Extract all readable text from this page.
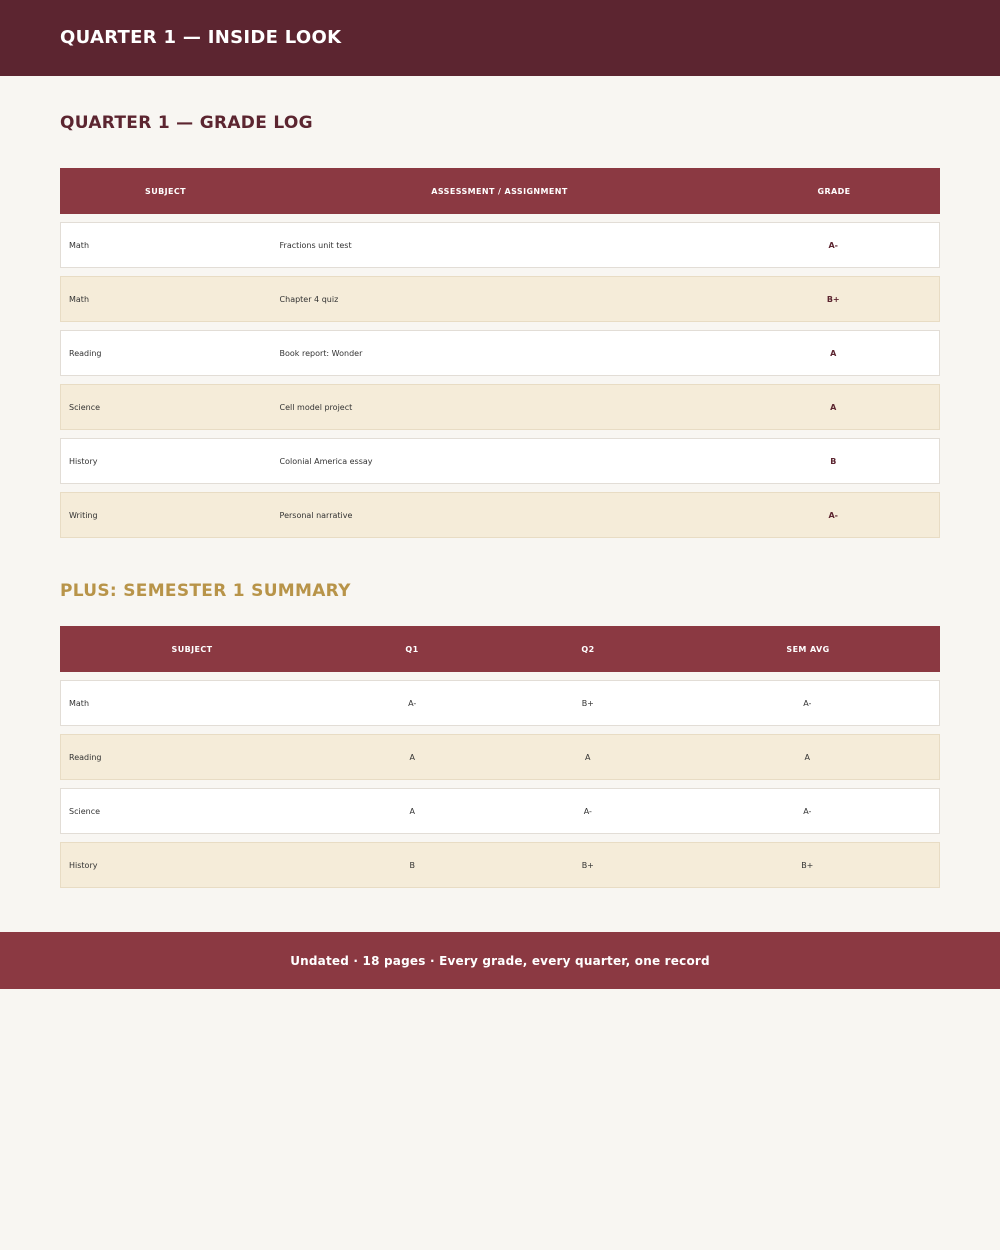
QUARTER 1 — INSIDE LOOK
QUARTER 1 — GRADE LOG
SUBJECT	ASSESSMENT / ASSIGNMENT	GRADE
Math	Fractions unit test	A-
Math	Chapter 4 quiz	B+
Reading	Book report: Wonder	A
Science	Cell model project	A
History	Colonial America essay	B
Writing	Personal narrative	A-
PLUS: SEMESTER 1 SUMMARY
SUBJECT	Q1	Q2	SEM AVG
Math	A-	B+	A-
Reading	A	A	A
Science	A	A-	A-
History	B	B+	B+
Undated · 18 pages · Every grade, every quarter, one record
